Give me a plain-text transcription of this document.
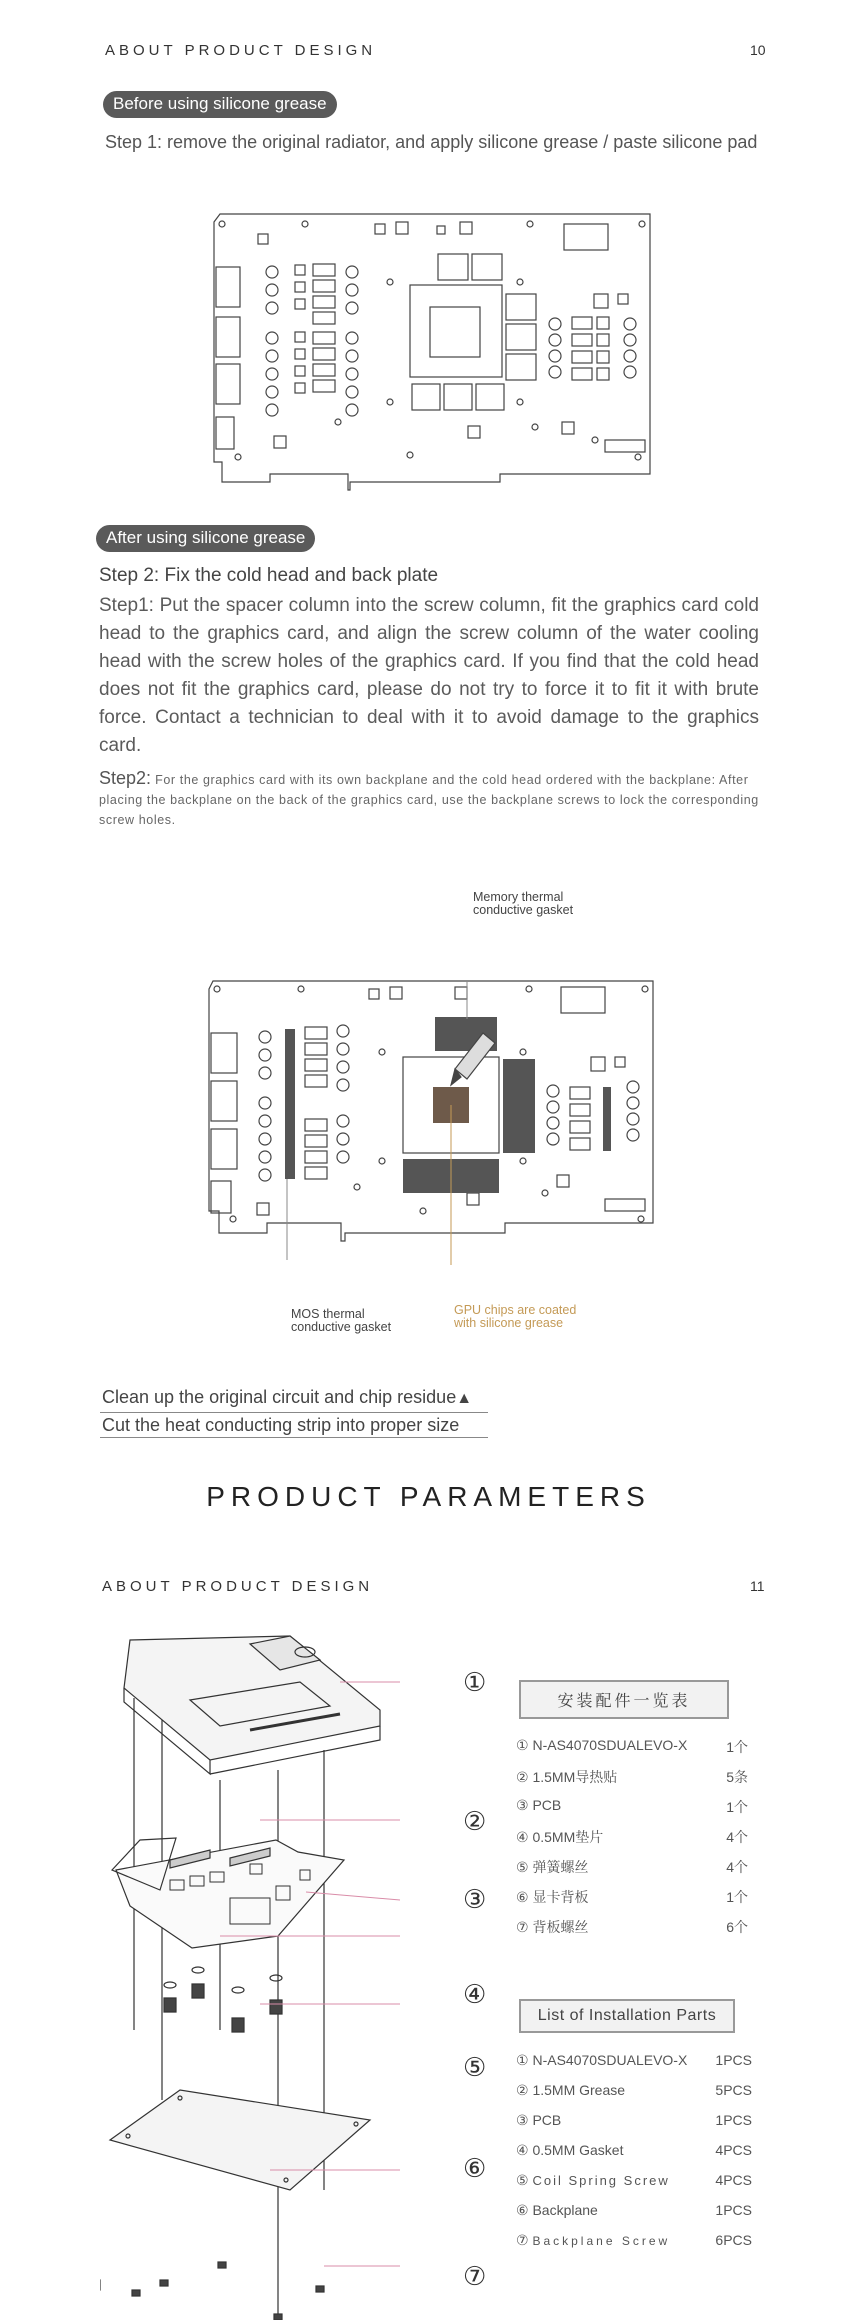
ABOUT PRODUCT DESIGN	10
Before using silicone grease
Step 1: remove the original radiator, and apply silicone grease / paste silicone pad
After using silicone grease
Step 2: Fix the cold head and back plate
Step1: Put the spacer column into the screw column, fit the graphics card cold head to the graphics card, and align the screw column of the water cooling head with the screw holes of the graphics card. If you find that the cold head does not fit the graphics card, please do not try to force it to fit it with brute force. Contact a technician to deal with it to avoid damage to the graphics card.
Step2: For the graphics card with its own backplane and the cold head ordered with the backplane: After placing the backplane on the back of the graphics card, use the backplane screws to lock the corresponding screw holes.
Memory thermal
conductive gasket
MOS thermal
conductive gasket
GPU chips are coated
with silicone grease
Clean up the original circuit and chip residue▲
Cut the heat conducting strip into proper size
PRODUCT PARAMETERS
ABOUT PRODUCT DESIGN	11
①
②
③
④
⑤
⑥
⑦
安装配件一览表
① N-AS4070SDUALEVO-X	1个
② 1.5MM导热贴	5条
③ PCB	1个
④ 0.5MM垫片	4个
⑤ 弹簧螺丝	4个
⑥ 显卡背板	1个
⑦ 背板螺丝	6个
List of Installation Parts
① N-AS4070SDUALEVO-X 1PCS
② 1.5MM Grease	5PCS
③ PCB	1PCS
④ 0.5MM Gasket	4PCS
⑤ Coil Spring Screw	4PCS
⑥ Backplane	1PCS
⑦ Backplane Screw	6PCS
